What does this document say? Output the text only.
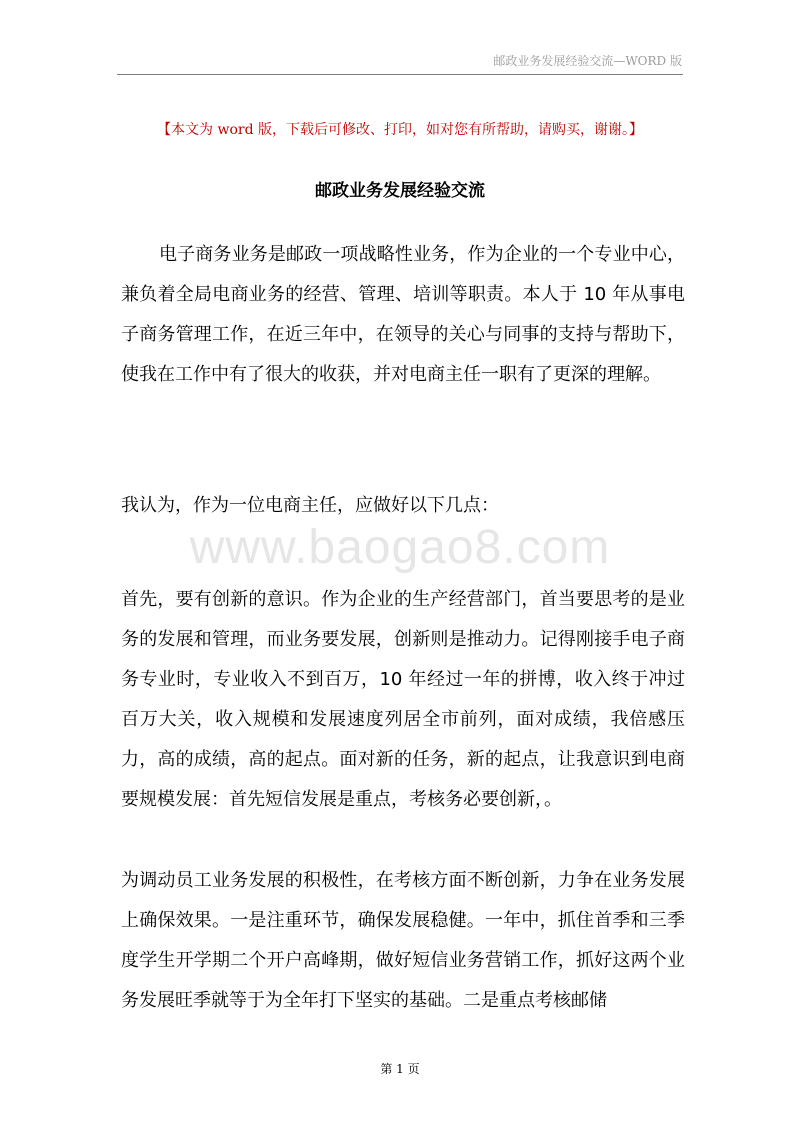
邮政业务发展经验交流—WORD 版
【本文为 word 版，下载后可修改、打印，如对您有所帮助，请购买，谢谢。】
邮政业务发展经验交流
电子商务业务是邮政一项战略性业务，作为企业的一个专业中心，兼负着全局电商业务的经营、管理、培训等职责。本人于 10 年从事电子商务管理工作，在近三年中，在领导的关心与同事的支持与帮助下，使我在工作中有了很大的收获，并对电商主任一职有了更深的理解。
我认为，作为一位电商主任，应做好以下几点：
www.baogao8.com
首先，要有创新的意识。作为企业的生产经营部门，首当要思考的是业务的发展和管理，而业务要发展，创新则是推动力。记得刚接手电子商务专业时，专业收入不到百万，10 年经过一年的拼博，收入终于冲过百万大关，收入规模和发展速度列居全市前列，面对成绩，我倍感压力，高的成绩，高的起点。面对新的任务，新的起点，让我意识到电商要规模发展：首先短信发展是重点，考核务必要创新，。
为调动员工业务发展的积极性，在考核方面不断创新，力争在业务发展上确保效果。一是注重环节，确保发展稳健。一年中，抓住首季和三季度学生开学期二个开户高峰期，做好短信业务营销工作，抓好这两个业务发展旺季就等于为全年打下坚实的基础。二是重点考核邮储
第 1 页
